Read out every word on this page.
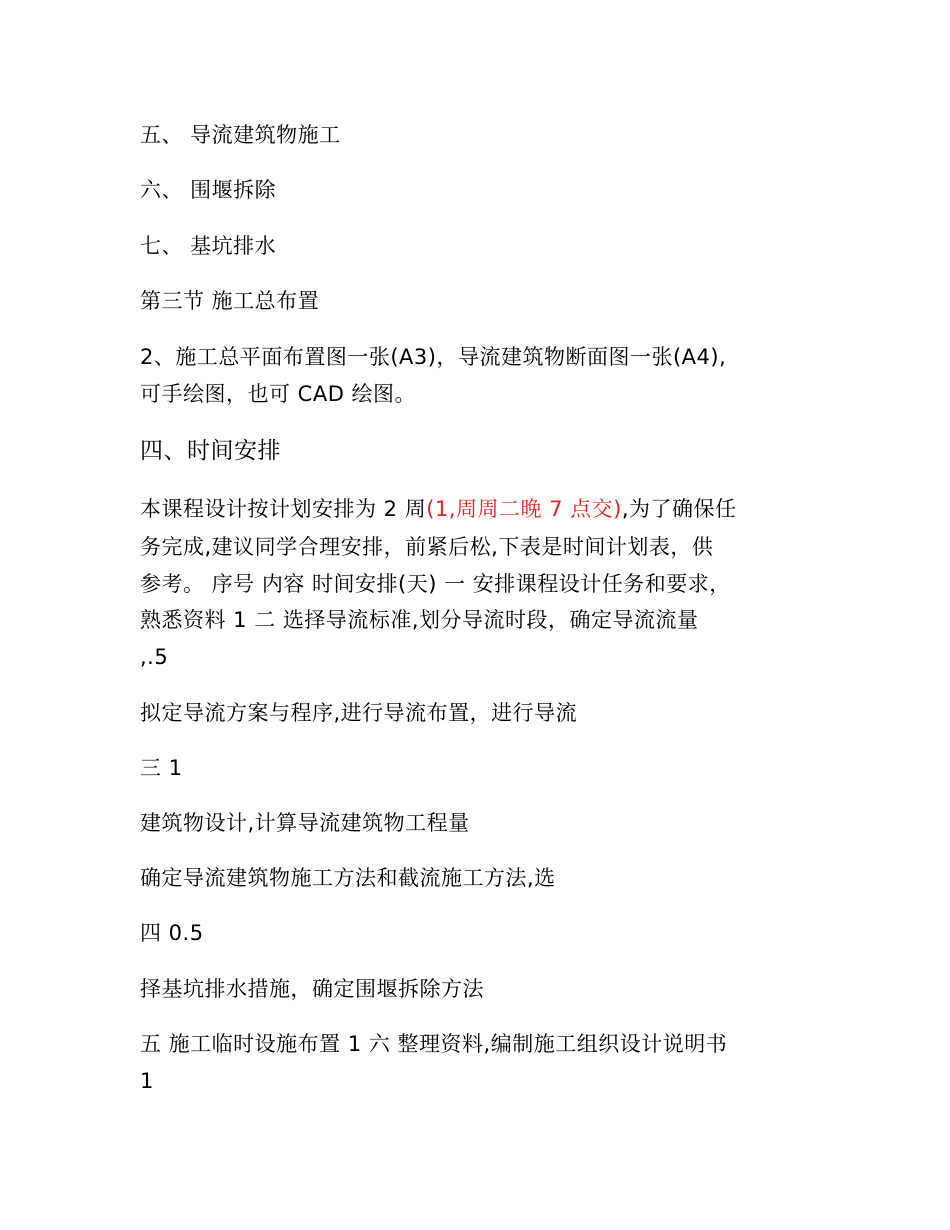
五、 导流建筑物施工
六、 围堰拆除
七、 基坑排水
第三节 施工总布置
2、施工总平面布置图一张(A3)，导流建筑物断面图一张(A4),
可手绘图，也可 CAD 绘图。
四、时间安排
本课程设计按计划安排为 2 周(1,周周二晚 7 点交),为了确保任
务完成,建议同学合理安排，前紧后松,下表是时间计划表，供
参考。 序号 内容 时间安排(天) 一 安排课程设计任务和要求，
熟悉资料 1 二 选择导流标准,划分导流时段，确定导流流量
,.5
拟定导流方案与程序,进行导流布置，进行导流
三 1
建筑物设计,计算导流建筑物工程量
确定导流建筑物施工方法和截流施工方法,选
四 0.5
择基坑排水措施，确定围堰拆除方法
五 施工临时设施布置 1 六 整理资料,编制施工组织设计说明书
1
